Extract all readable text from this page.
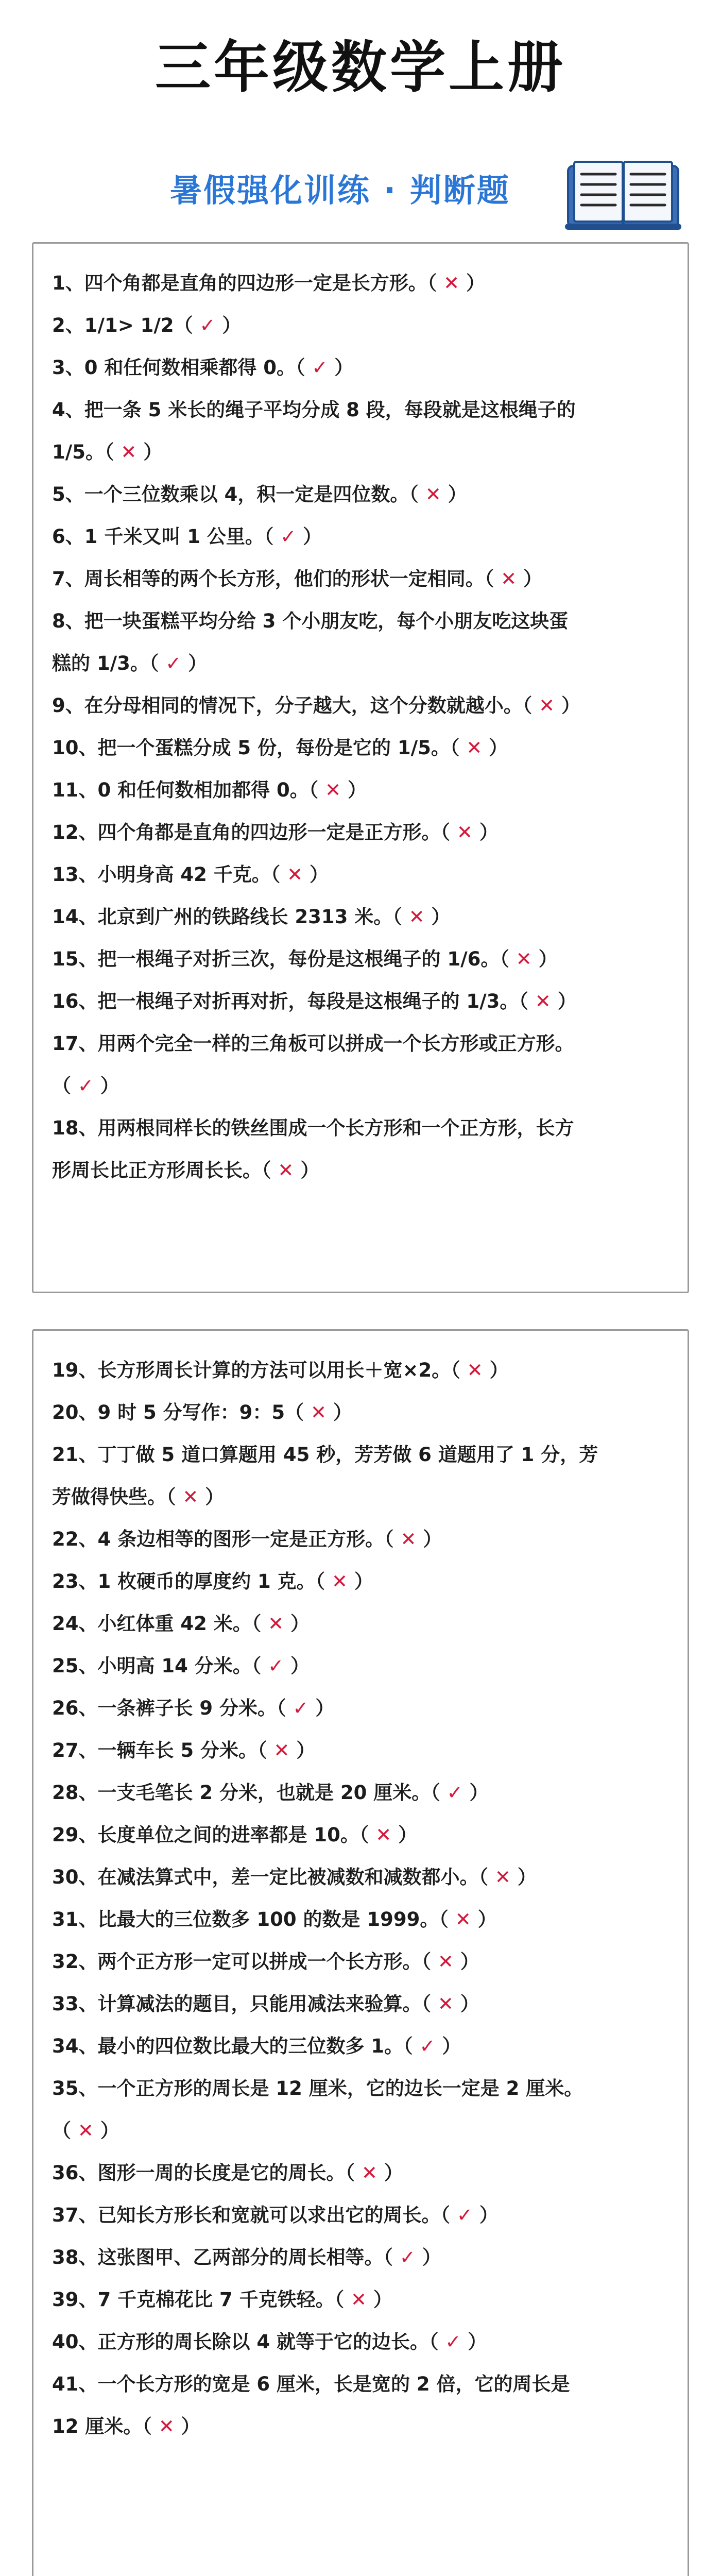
三年级数学上册
暑假强化训练 · 判断题
1、四个角都是直角的四边形一定是长方形。（ ✕ ）
2、1/1> 1/2（ ✓ ）
3、0 和任何数相乘都得 0。（ ✓ ）
4、把一条 5 米长的绳子平均分成 8 段，每段就是这根绳子的
1/5。（ ✕ ）
5、一个三位数乘以 4，积一定是四位数。（ ✕ ）
6、1 千米又叫 1 公里。（ ✓ ）
7、周长相等的两个长方形，他们的形状一定相同。（ ✕ ）
8、把一块蛋糕平均分给 3 个小朋友吃，每个小朋友吃这块蛋
糕的 1/3。（ ✓ ）
9、在分母相同的情况下，分子越大，这个分数就越小。（ ✕ ）
10、把一个蛋糕分成 5 份，每份是它的 1/5。（ ✕ ）
11、0 和任何数相加都得 0。（ ✕ ）
12、四个角都是直角的四边形一定是正方形。（ ✕ ）
13、小明身高 42 千克。（ ✕ ）
14、北京到广州的铁路线长 2313 米。（ ✕ ）
15、把一根绳子对折三次，每份是这根绳子的 1/6。（ ✕ ）
16、把一根绳子对折再对折，每段是这根绳子的 1/3。（ ✕ ）
17、用两个完全一样的三角板可以拼成一个长方形或正方形。
（ ✓ ）
18、用两根同样长的铁丝围成一个长方形和一个正方形，长方
形周长比正方形周长长。（ ✕ ）
19、长方形周长计算的方法可以用长＋宽×2。（ ✕ ）
20、9 时 5 分写作：9：5（ ✕ ）
21、丁丁做 5 道口算题用 45 秒，芳芳做 6 道题用了 1 分，芳
芳做得快些。（ ✕ ）
22、4 条边相等的图形一定是正方形。（ ✕ ）
23、1 枚硬币的厚度约 1 克。（ ✕ ）
24、小红体重 42 米。（ ✕ ）
25、小明高 14 分米。（ ✓ ）
26、一条裤子长 9 分米。（ ✓ ）
27、一辆车长 5 分米。（ ✕ ）
28、一支毛笔长 2 分米，也就是 20 厘米。（ ✓ ）
29、长度单位之间的进率都是 10。（ ✕ ）
30、在减法算式中，差一定比被减数和减数都小。（ ✕ ）
31、比最大的三位数多 100 的数是 1999。（ ✕ ）
32、两个正方形一定可以拼成一个长方形。（ ✕ ）
33、计算减法的题目，只能用减法来验算。（ ✕ ）
34、最小的四位数比最大的三位数多 1。（ ✓ ）
35、一个正方形的周长是 12 厘米，它的边长一定是 2 厘米。
（ ✕ ）
36、图形一周的长度是它的周长。（ ✕ ）
37、已知长方形长和宽就可以求出它的周长。（ ✓ ）
38、这张图甲、乙两部分的周长相等。（ ✓ ）
39、7 千克棉花比 7 千克铁轻。（ ✕ ）
40、正方形的周长除以 4 就等于它的边长。（ ✓ ）
41、一个长方形的宽是 6 厘米，长是宽的 2 倍，它的周长是
12 厘米。（ ✕ ）
